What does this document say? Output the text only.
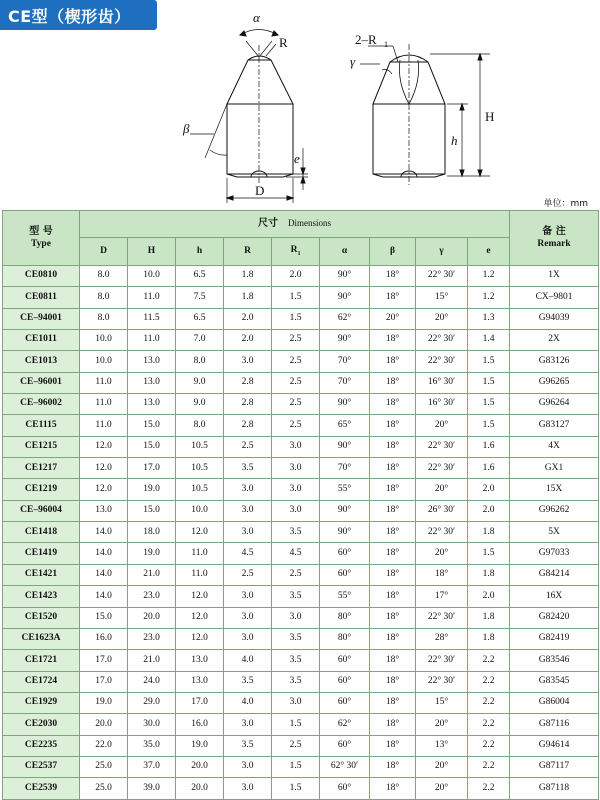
CE型（楔形齿）	α
R
β
D
e
2–R 1
γ
h
H
单位：mm
型 号
Type	尺寸 Dimensions									备 注
Remark

	D	H	h	R	$R_1$	α	β	γ	e	
CE0810	8.0	10.0	6.5	1.8	2.0	90°	18°	22° 30′	1.2	1X
CE0811	8.0	11.0	7.5	1.8	1.5	90°	18°	15°	1.2	CX–9801
CE–94001	8.0	11.5	6.5	2.0	1.5	62°	20°	20°	1.3	G94039
CE1011	10.0	11.0	7.0	2.0	2.5	90°	18°	22° 30′	1.4	2X
CE1013	10.0	13.0	8.0	3.0	2.5	70°	18°	22° 30′	1.5	G83126
CE–96001	11.0	13.0	9.0	2.8	2.5	70°	18°	16° 30′	1.5	G96265
CE–96002	11.0	13.0	9.0	2.8	2.5	90°	18°	16° 30′	1.5	G96264
CE1115	11.0	15.0	8.0	2.8	2.5	65°	18°	20°	1.5	G83127
CE1215	12.0	15.0	10.5	2.5	3.0	90°	18°	22° 30′	1.6	4X
CE1217	12.0	17.0	10.5	3.5	3.0	70°	18°	22° 30′	1.6	GX1
CE1219	12.0	19.0	10.5	3.0	3.0	55°	18°	20°	2.0	15X
CE–96004	13.0	15.0	10.0	3.0	3.0	90°	18°	26° 30′	2.0	G96262
CE1418	14.0	18.0	12.0	3.0	3.5	90°	18°	22° 30′	1.8	5X
CE1419	14.0	19.0	11.0	4.5	4.5	60°	18°	20°	1.5	G97033
CE1421	14.0	21.0	11.0	2.5	2.5	60°	18°	18°	1.8	G84214
CE1423	14.0	23.0	12.0	3.0	3.5	55°	18°	17°	2.0	16X
CE1520	15.0	20.0	12.0	3.0	3.0	80°	18°	22° 30′	1.8	G82420
CE1623A	16.0	23.0	12.0	3.0	3.5	80°	18°	28°	1.8	G82419
CE1721	17.0	21.0	13.0	4.0	3.5	60°	18°	22° 30′	2.2	G83546
CE1724	17.0	24.0	13.0	3.5	3.5	60°	18°	22° 30′	2.2	G83545
CE1929	19.0	29.0	17.0	4.0	3.0	60°	18°	15°	2.2	G86004
CE2030	20.0	30.0	16.0	3.0	1.5	62°	18°	20°	2.2	G87116
CE2235	22.0	35.0	19.0	3.5	2.5	60°	18°	13°	2.2	G94614
CE2537	25.0	37.0	20.0	3.0	1.5	62° 30′	18°	20°	2.2	G87117
CE2539	25.0	39.0	20.0	3.0	1.5	60°	18°	20°	2.2	G87118
